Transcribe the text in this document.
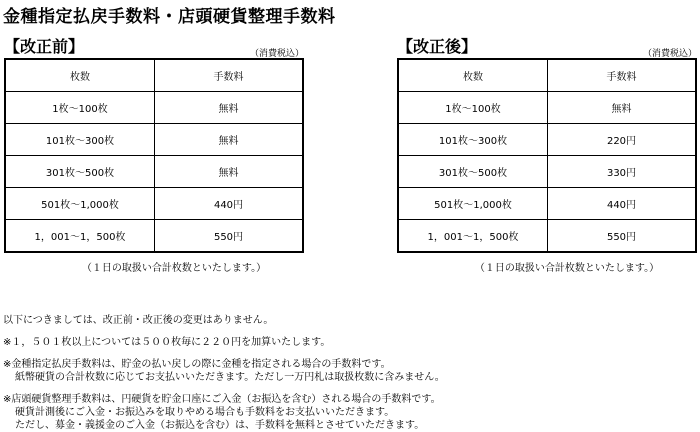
金種指定払戻手数料・店頭硬貨整理手数料
【改正前】	（消費税込）
枚数	手数料
1枚～100枚	無料
101枚～300枚	無料
301枚～500枚	無料
501枚～1,000枚	440円
1，001～1，500枚	550円
（１日の取扱い合計枚数といたします。）
【改正後】	（消費税込）
枚数	手数料
1枚～100枚	無料
101枚～300枚	220円
301枚～500枚	330円
501枚～1,000枚	440円
1，001～1，500枚	550円
（１日の取扱い合計枚数といたします。）

以下につきましては、改正前・改正後の変更はありません。

※１，５０１枚以上については５００枚毎に２２０円を加算いたします。

※金種指定払戻手数料は、貯金の払い戻しの際に金種を指定される場合の手数料です。

紙幣硬貨の合計枚数に応じてお支払いいただきます。ただし一万円札は取扱枚数に含みません。

※店頭硬貨整理手数料は、円硬貨を貯金口座にご入金（お振込を含む）される場合の手数料です。

硬貨計測後にご入金・お振込みを取りやめる場合も手数料をお支払いいただきます。

ただし、募金・義援金のご入金（お振込を含む）は、手数料を無料とさせていただきます。
